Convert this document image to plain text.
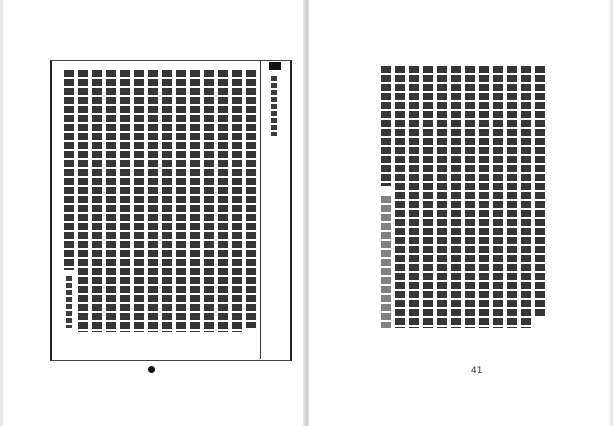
41
